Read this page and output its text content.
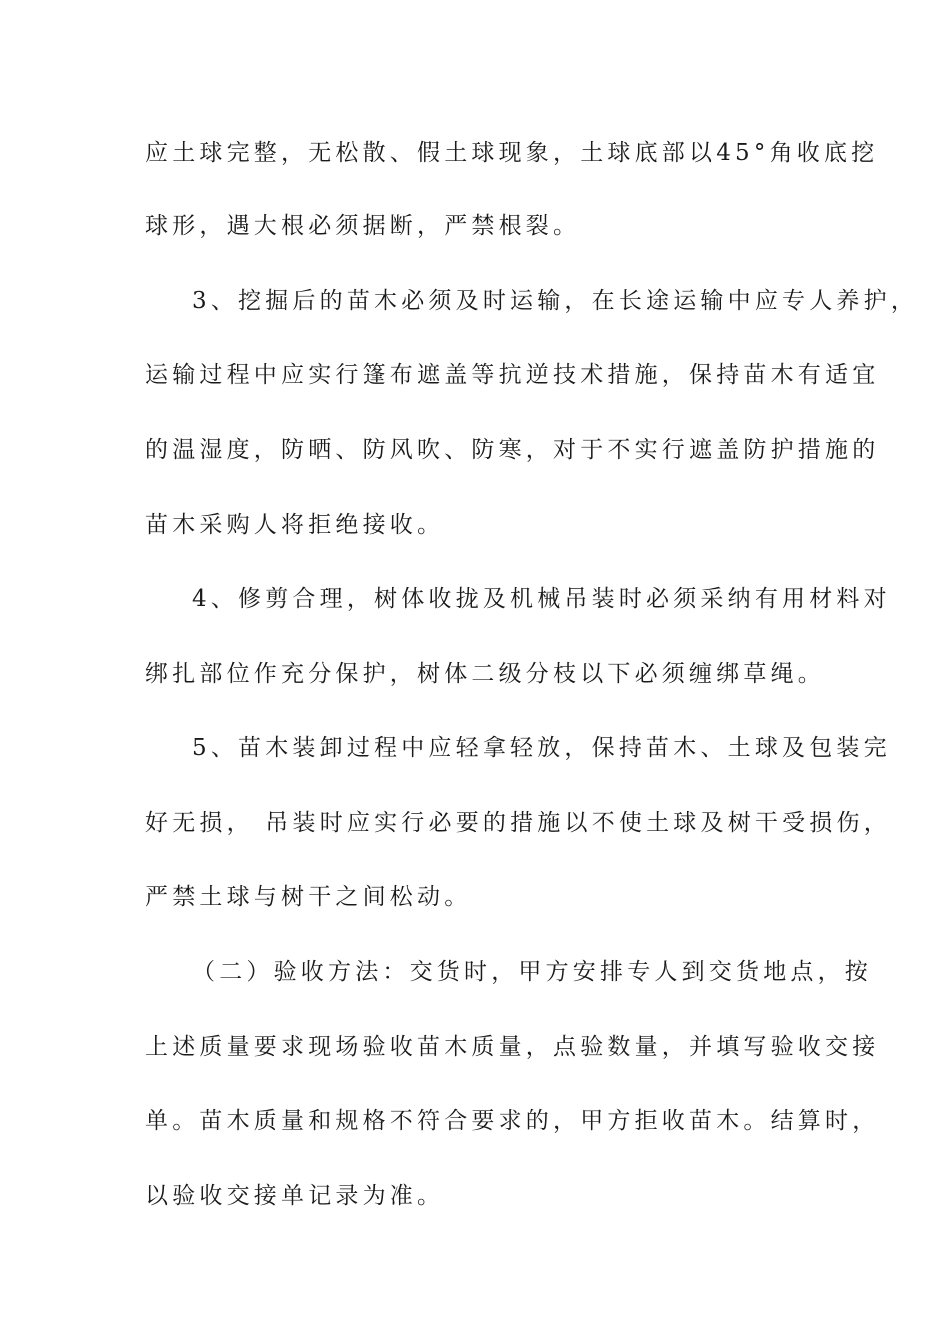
应土球完整，无松散、假土球现象，土球底部以45°角收底挖
球形，遇大根必须据断，严禁根裂。
3、挖掘后的苗木必须及时运输，在长途运输中应专人养护，
运输过程中应实行篷布遮盖等抗逆技术措施，保持苗木有适宜
的温湿度，防晒、防风吹、防寒，对于不实行遮盖防护措施的
苗木采购人将拒绝接收。
4、修剪合理，树体收拢及机械吊装时必须采纳有用材料对
绑扎部位作充分保护，树体二级分枝以下必须缠绑草绳。
5、苗木装卸过程中应轻拿轻放，保持苗木、土球及包装完
好无损， 吊装时应实行必要的措施以不使土球及树干受损伤，
严禁土球与树干之间松动。
（二）验收方法：交货时，甲方安排专人到交货地点，按
上述质量要求现场验收苗木质量，点验数量，并填写验收交接
单。苗木质量和规格不符合要求的，甲方拒收苗木。结算时，
以验收交接单记录为准。
